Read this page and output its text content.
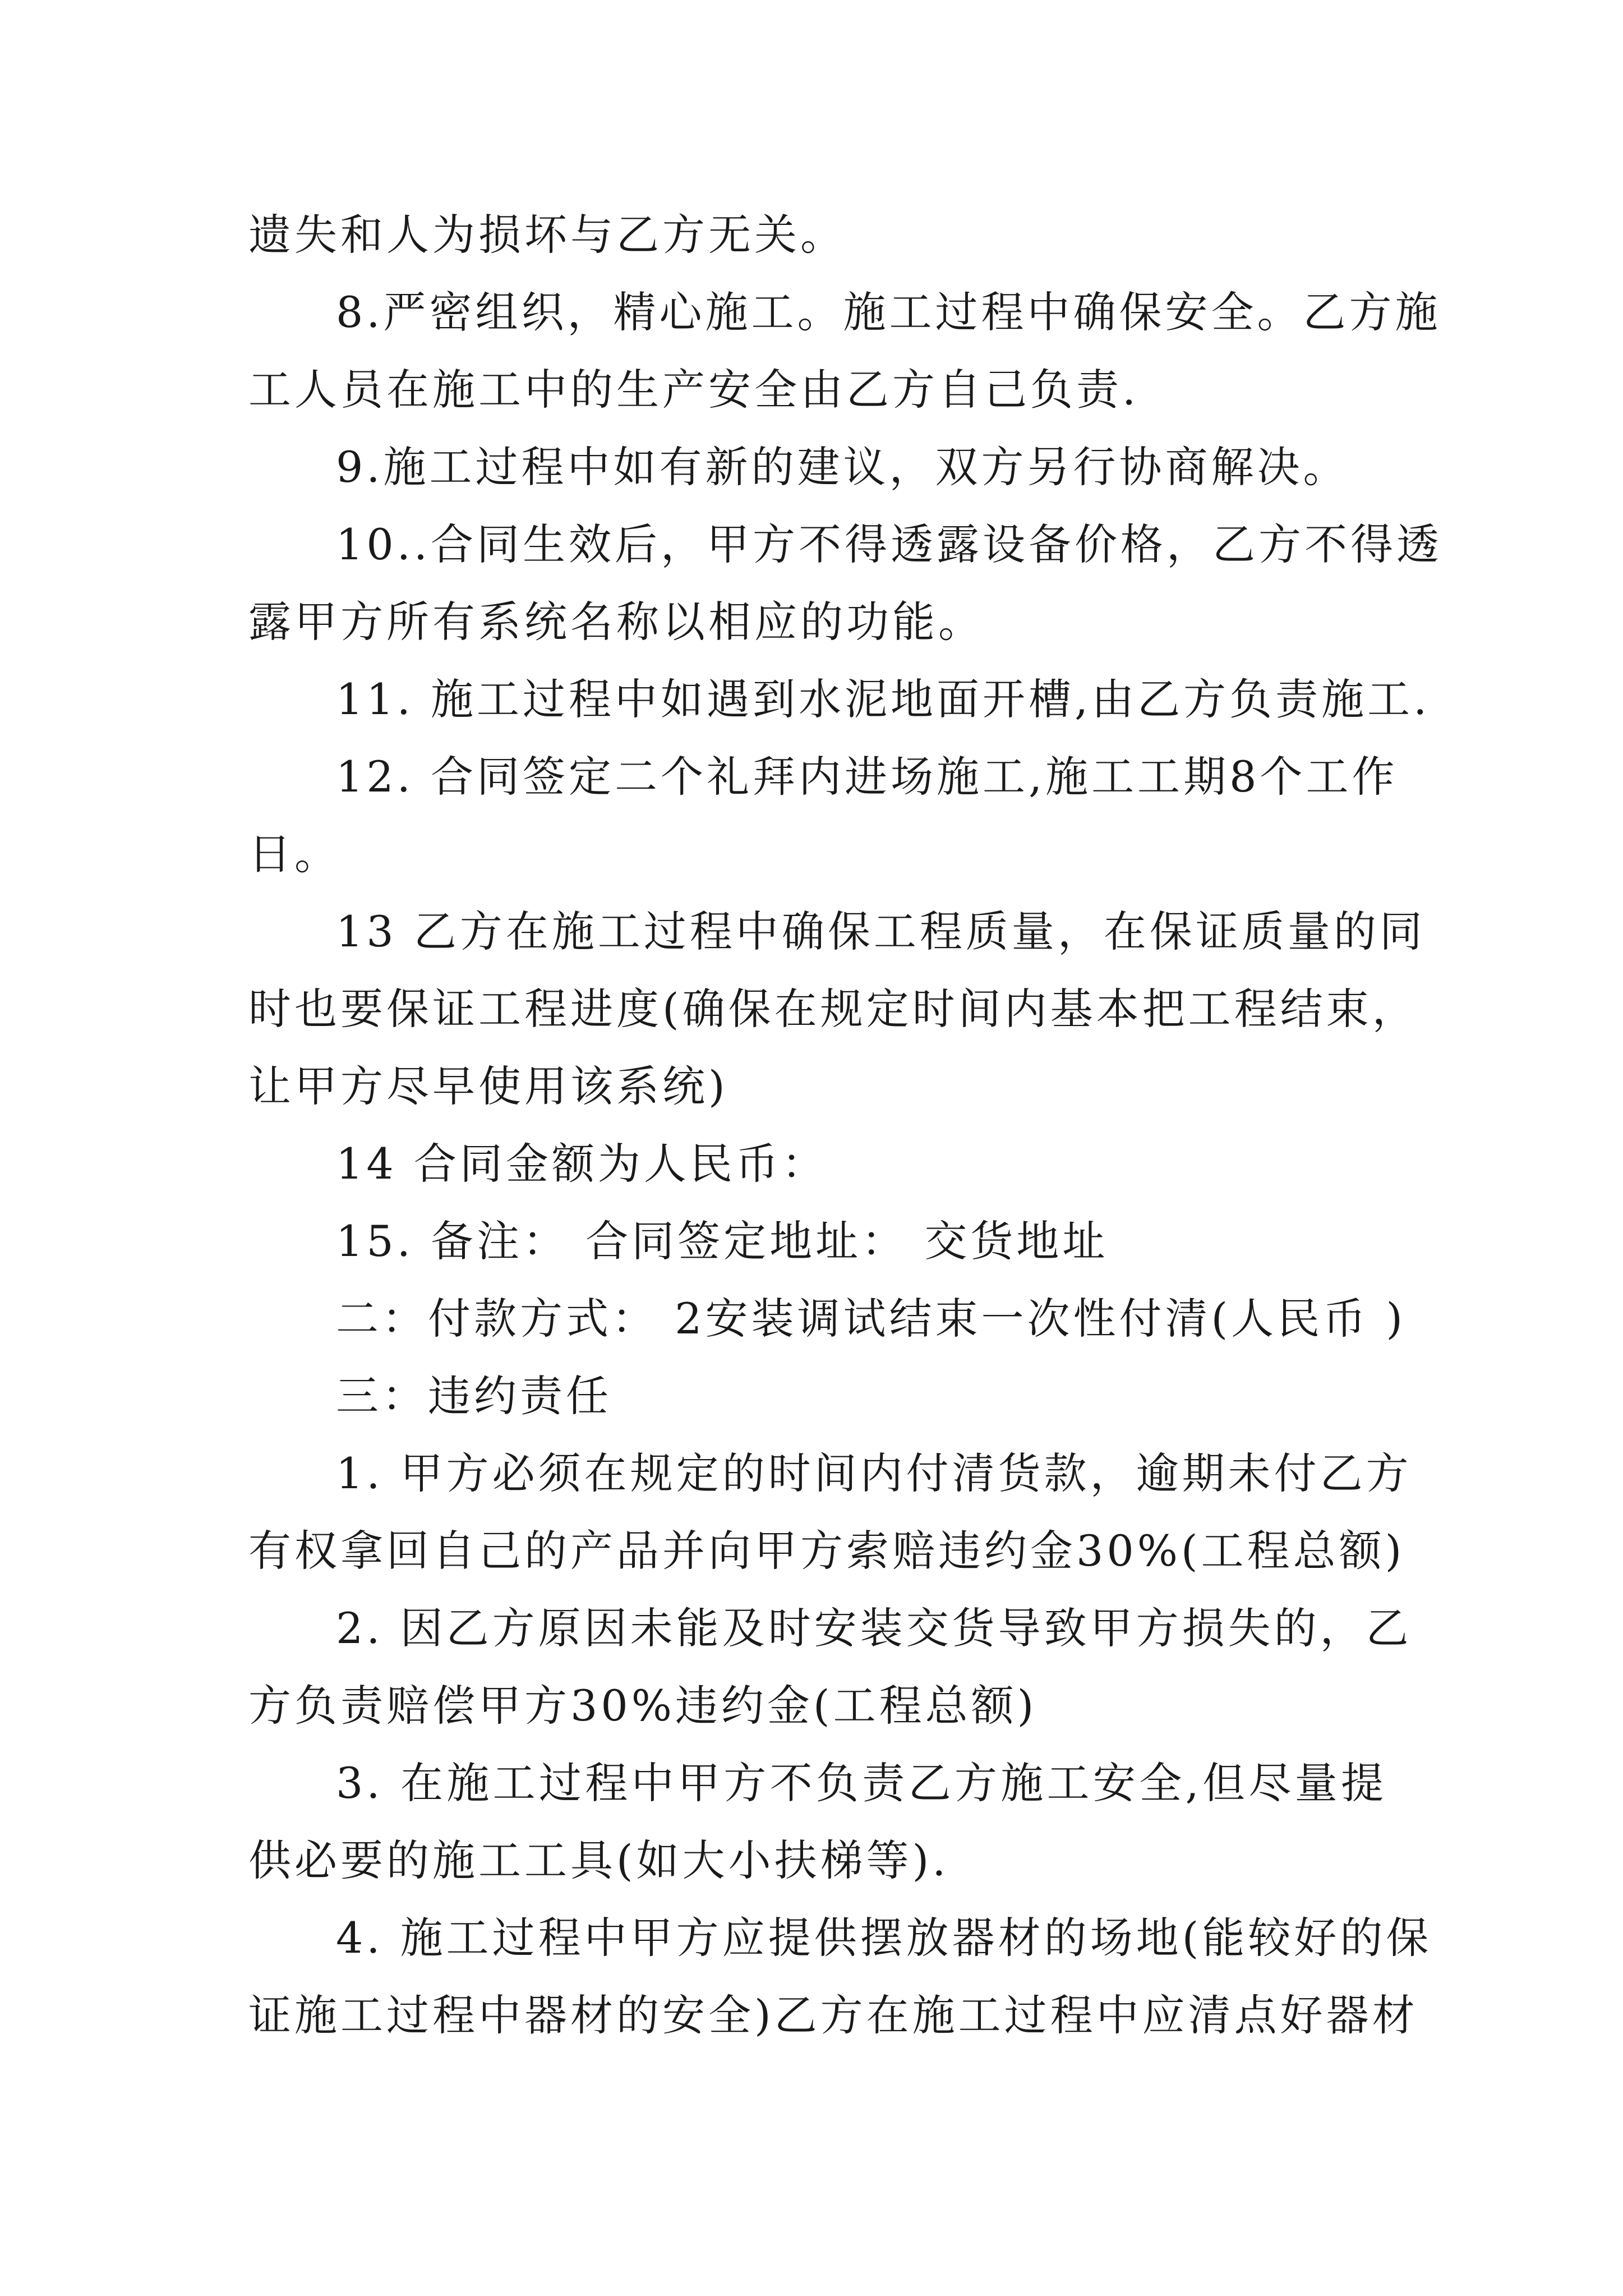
遗失和人为损坏与乙方无关。
8.严密组织，精心施工。施工过程中确保安全。乙方施
工人员在施工中的生产安全由乙方自己负责.
9.施工过程中如有新的建议，双方另行协商解决。
10..合同生效后，甲方不得透露设备价格，乙方不得透
露甲方所有系统名称以相应的功能。
11. 施工过程中如遇到水泥地面开槽,由乙方负责施工.
12. 合同签定二个礼拜内进场施工,施工工期8个工作
日。
13 乙方在施工过程中确保工程质量，在保证质量的同
时也要保证工程进度(确保在规定时间内基本把工程结束，
让甲方尽早使用该系统)
14 合同金额为人民币：
15. 备注： 合同签定地址： 交货地址
二：付款方式： 2安装调试结束一次性付清(人民币 )
三：违约责任
1. 甲方必须在规定的时间内付清货款，逾期未付乙方
有权拿回自己的产品并向甲方索赔违约金30%(工程总额)
2. 因乙方原因未能及时安装交货导致甲方损失的，乙
方负责赔偿甲方30%违约金(工程总额)
3. 在施工过程中甲方不负责乙方施工安全,但尽量提
供必要的施工工具(如大小扶梯等).
4. 施工过程中甲方应提供摆放器材的场地(能较好的保
证施工过程中器材的安全)乙方在施工过程中应清点好器材
